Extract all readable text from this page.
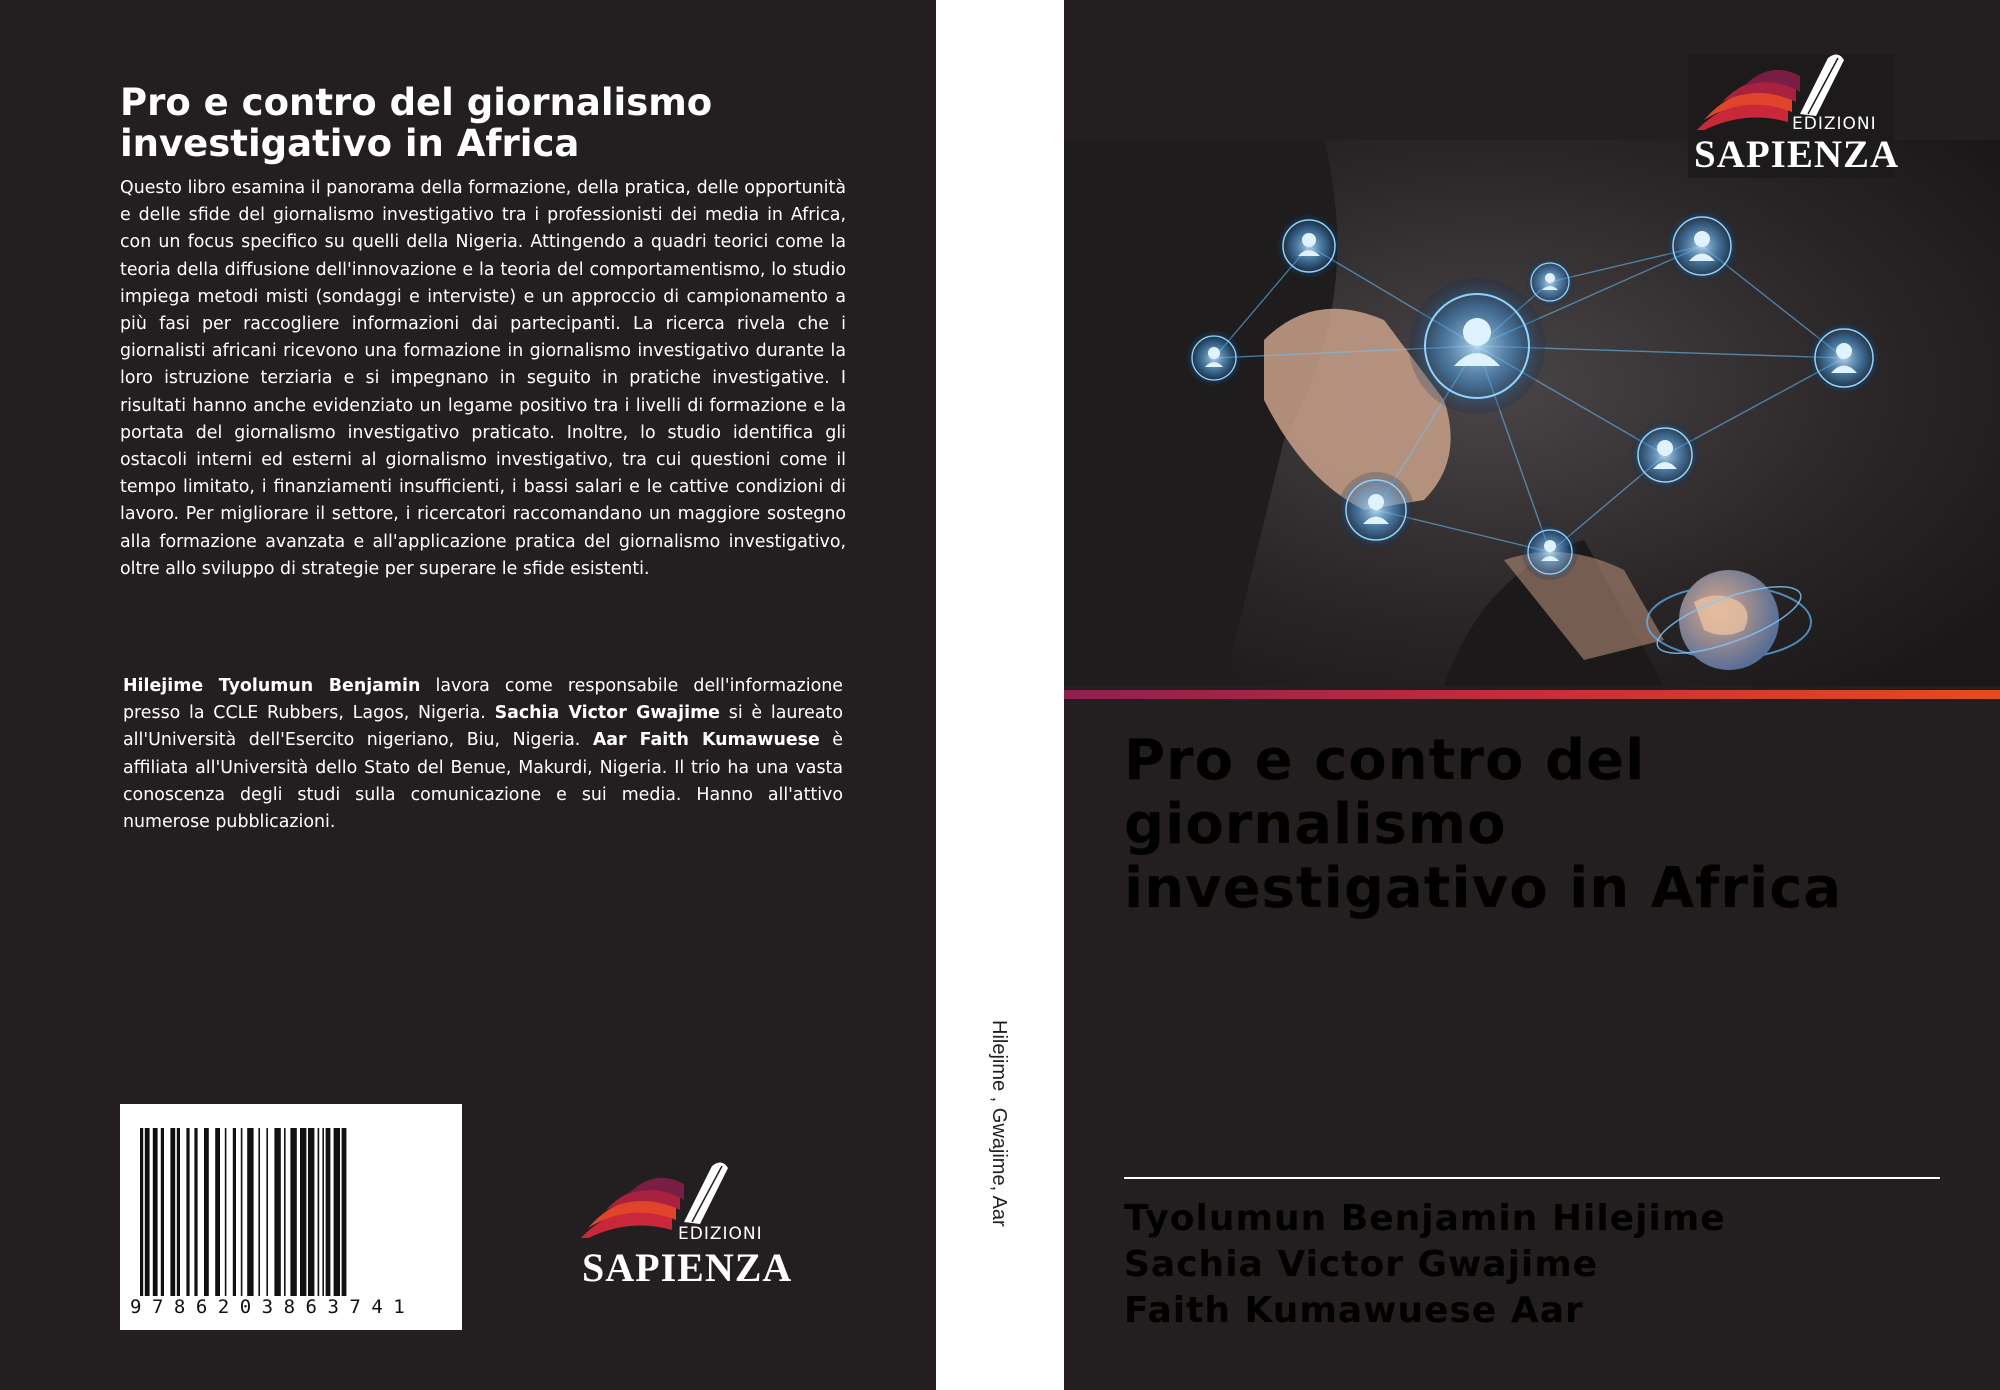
Pro e contro del giornalismo
investigativo in Africa

Questo libro esamina il panorama della formazione, della pratica, delle opportunità e delle sfide del giornalismo investigativo tra i professionisti dei media in Africa, con un focus specifico su quelli della Nigeria. Attingendo a quadri teorici come la teoria della diffusione dell'innovazione e la teoria del comportamentismo, lo studio impiega metodi misti (sondaggi e interviste) e un approccio di campionamento a più fasi per raccogliere informazioni dai partecipanti. La ricerca rivela che i giornalisti africani ricevono una formazione in giornalismo investigativo durante la loro istruzione terziaria e si impegnano in seguito in pratiche investigative. I risultati hanno anche evidenziato un legame positivo tra i livelli di formazione e la portata del giornalismo investigativo praticato. Inoltre, lo studio identifica gli ostacoli interni ed esterni al giornalismo investigativo, tra cui questioni come il tempo limitato, i finanziamenti insufficienti, i bassi salari e le cattive condizioni di lavoro. Per migliorare il settore, i ricercatori raccomandano un maggiore sostegno alla formazione avanzata e all'applicazione pratica del giornalismo investigativo, oltre allo sviluppo di strategie per superare le sfide esistenti.

Hilejime Tyolumun Benjamin lavora come responsabile dell'informazione presso la CCLE Rubbers, Lagos, Nigeria. Sachia Victor Gwajime si è laureato all'Università dell'Esercito nigeriano, Biu, Nigeria. Aar Faith Kumawuese è affiliata all'Università dello Stato del Benue, Makurdi, Nigeria. Il trio ha una vasta conoscenza degli studi sulla comunicazione e sui media. Hanno all'attivo numerose pubblicazioni.

9786203863741
EDIZIONI
SAPIENZA
Hilejime , Gwajime, Aar
EDIZIONI
SAPIENZA
Pro e contro del
giornalismo
investigativo in Africa
Tyolumun Benjamin Hilejime
Sachia Victor Gwajime
Faith Kumawuese Aar
